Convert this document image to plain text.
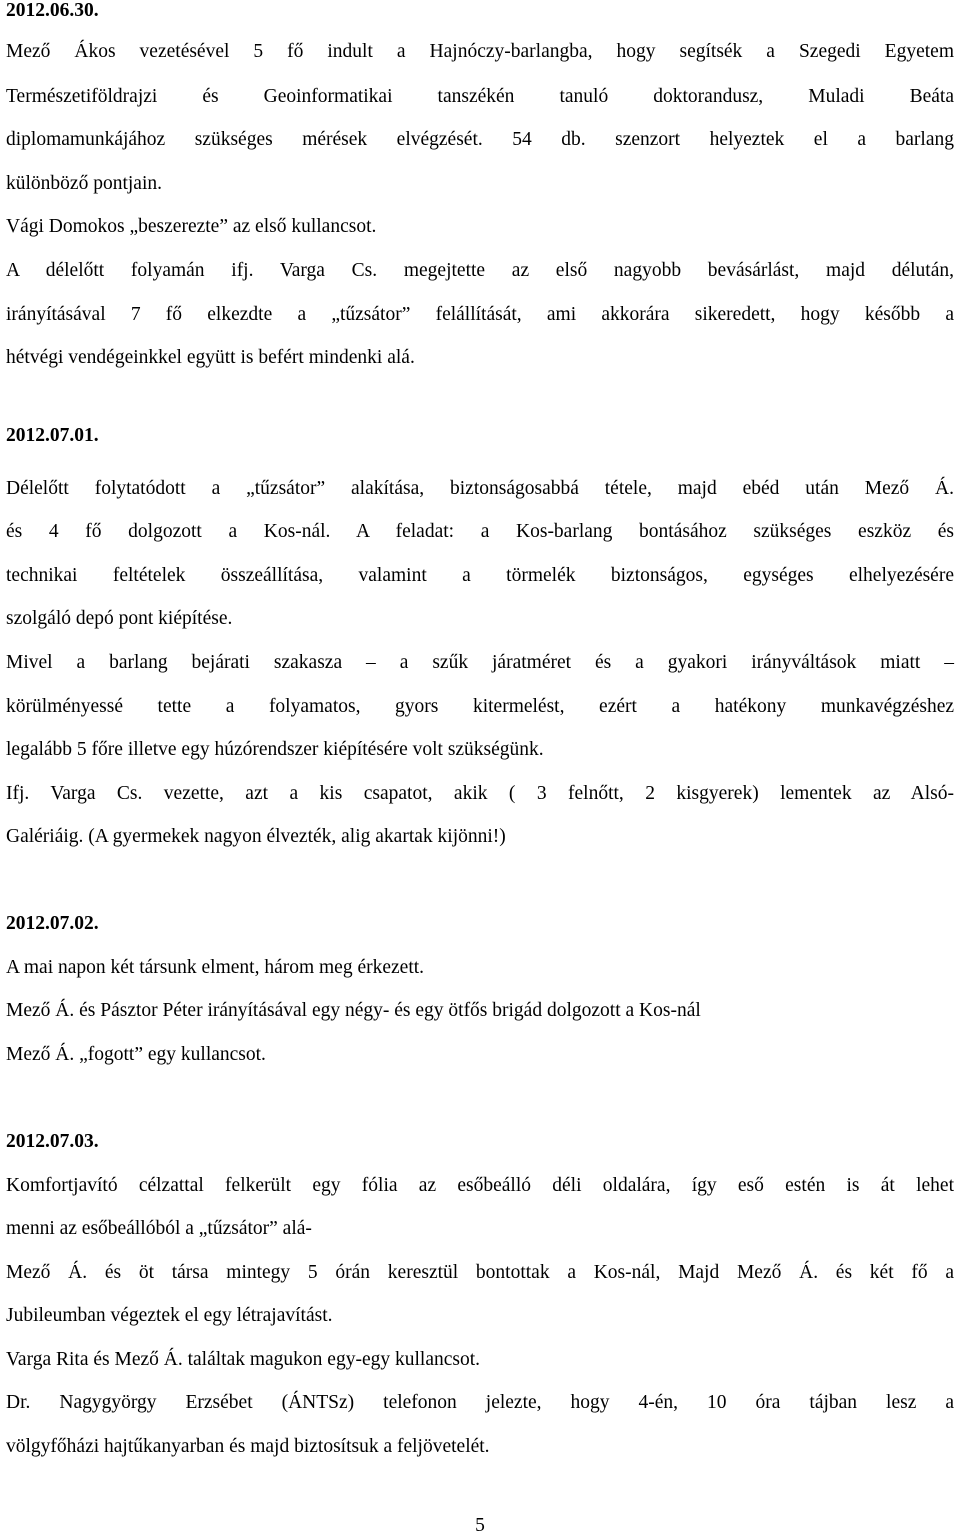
2012.06.30.
Mező Ákos vezetésével 5 fő indult a Hajnóczy-barlangba, hogy segítsék a Szegedi Egyetem
Természetiföldrajzi és Geoinformatikai tanszékén tanuló doktorandusz, Muladi Beáta
diplomamunkájához szükséges mérések elvégzését. 54 db. szenzort helyeztek el a barlang
különböző pontjain.
Vági Domokos „beszerezte” az első kullancsot.
A délelőtt folyamán ifj. Varga Cs. megejtette az első nagyobb bevásárlást, majd délután,
irányításával 7 fő elkezdte a „tűzsátor” felállítását, ami akkorára sikeredett, hogy később a
hétvégi vendégeinkkel együtt is befért mindenki alá.
2012.07.01.
Délelőtt folytatódott a „tűzsátor” alakítása, biztonságosabbá tétele, majd ebéd után Mező Á.
és 4 fő dolgozott a Kos-nál. A feladat: a Kos-barlang bontásához szükséges eszköz és
technikai feltételek összeállítása, valamint a törmelék biztonságos, egységes elhelyezésére
szolgáló depó pont kiépítése.
Mivel a barlang bejárati szakasza – a szűk járatméret és a gyakori irányváltások miatt –
körülményessé tette a folyamatos, gyors kitermelést, ezért a hatékony munkavégzéshez
legalább 5 főre illetve egy húzórendszer kiépítésére volt szükségünk.
Ifj. Varga Cs. vezette, azt a kis csapatot, akik ( 3 felnőtt, 2 kisgyerek) lementek az Alsó-
Galériáig. (A gyermekek nagyon élvezték, alig akartak kijönni!)
2012.07.02.
A mai napon két társunk elment, három meg érkezett.
Mező Á. és Pásztor Péter irányításával egy négy- és egy ötfős brigád dolgozott a Kos-nál
Mező Á. „fogott” egy kullancsot.
2012.07.03.
Komfortjavító célzattal felkerült egy fólia az esőbeálló déli oldalára, így eső estén is át lehet
menni az esőbeállóból a „tűzsátor” alá-
Mező Á. és öt társa mintegy 5 órán keresztül bontottak a Kos-nál, Majd Mező Á. és két fő a
Jubileumban végeztek el egy létrajavítást.
Varga Rita és Mező Á. találtak magukon egy-egy kullancsot.
Dr. Nagygyörgy Erzsébet (ÁNTSz) telefonon jelezte, hogy 4-én, 10 óra tájban lesz a
völgyfőházi hajtűkanyarban és majd biztosítsuk a feljövetelét.
5
